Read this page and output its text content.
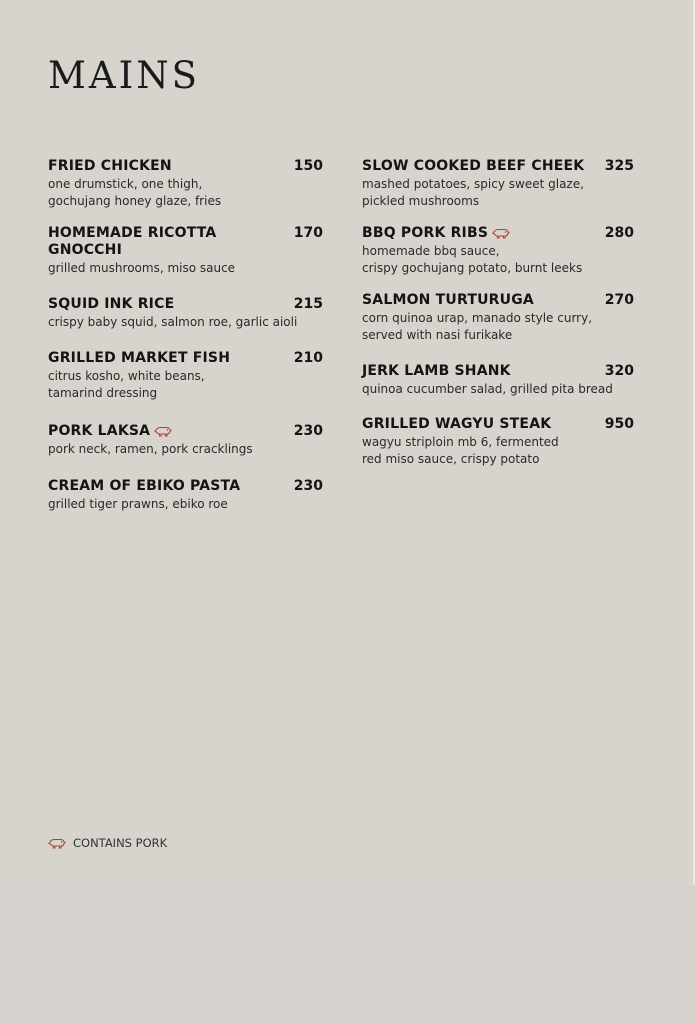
MAINS
FRIED CHICKEN	150
one drumstick, one thigh,
gochujang honey glaze, fries
HOMEMADE RICOTTA
GNOCCHI
170
grilled mushrooms, miso sauce
SQUID INK RICE	215
crispy baby squid, salmon roe, garlic aioli
GRILLED MARKET FISH	210
citrus kosho, white beans,
tamarind dressing
PORK LAKSA	230
pork neck, ramen, pork cracklings
CREAM OF EBIKO PASTA	230
grilled tiger prawns, ebiko roe
SLOW COOKED BEEF CHEEK 325
mashed potatoes, spicy sweet glaze,
pickled mushrooms
BBQ PORK RIBS	280
homemade bbq sauce,
crispy gochujang potato, burnt leeks
SALMON TURTURUGA	270
corn quinoa urap, manado style curry,
served with nasi furikake
JERK LAMB SHANK	320
quinoa cucumber salad, grilled pita bread
GRILLED WAGYU STEAK	950
wagyu striploin mb 6, fermented
red miso sauce, crispy potato
CONTAINS PORK
